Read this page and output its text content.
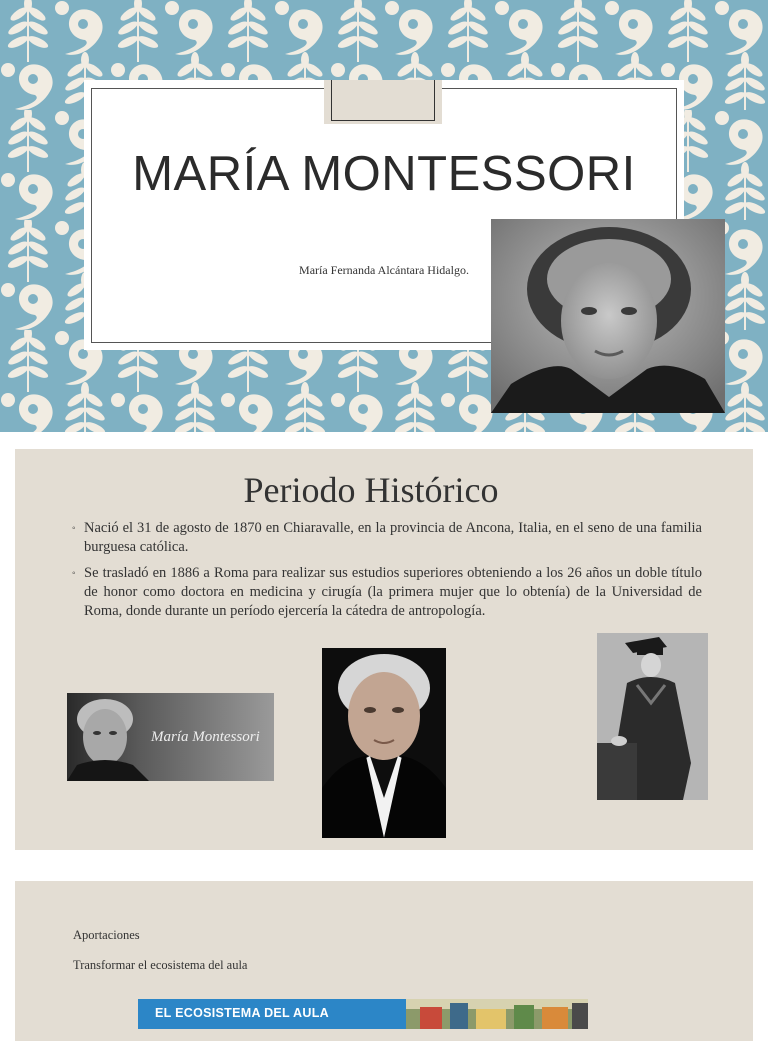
MARÍA MONTESSORI
María Fernanda Alcántara Hidalgo.
Periodo Histórico
◦ Nació el 31 de agosto de 1870 en Chiaravalle, en la provincia de Ancona, Italia, en el seno de una familia burguesa católica.
◦ Se trasladó en 1886 a Roma para realizar sus estudios superiores obteniendo a los 26 años un doble título de honor como doctora en medicina y cirugía (la primera mujer que lo obtenía) de la Universidad de Roma, donde durante un período ejercería la cátedra de antropología.
María Montessori
Aportaciones
Transformar el ecosistema del aula
EL ECOSISTEMA DEL AULA
